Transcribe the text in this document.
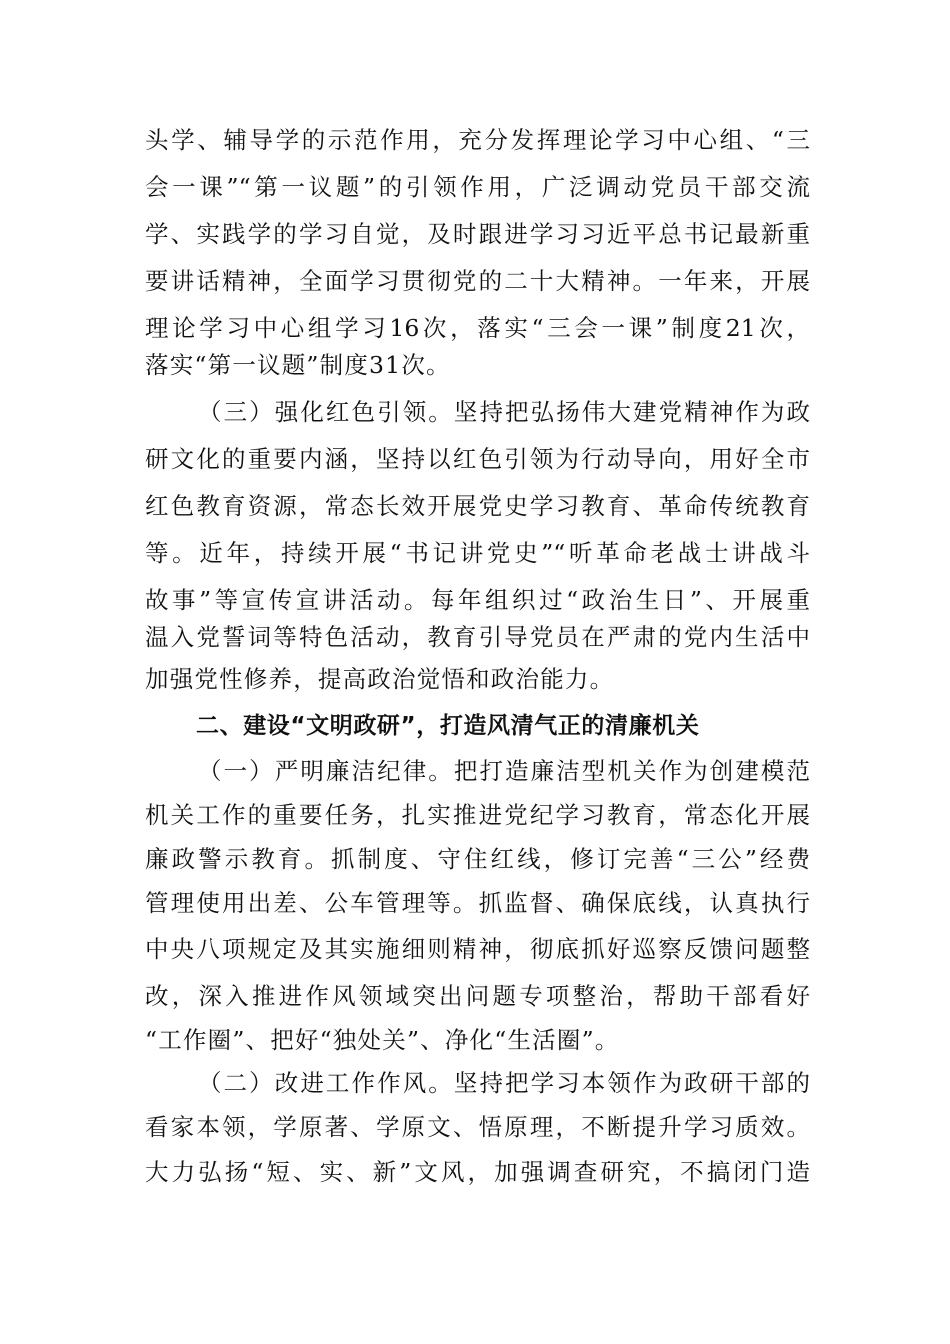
头学、辅导学的示范作用，充分发挥理论学习中心组、“三
会一课”“第一议题”的引领作用，广泛调动党员干部交流
学、实践学的学习自觉，及时跟进学习习近平总书记最新重
要讲话精神，全面学习贯彻党的二十大精神。一年来，开展
理论学习中心组学习16次，落实“三会一课”制度21次，
落实“第一议题”制度31次。
（三）强化红色引领。坚持把弘扬伟大建党精神作为政
研文化的重要内涵，坚持以红色引领为行动导向，用好全市
红色教育资源，常态长效开展党史学习教育、革命传统教育
等。近年，持续开展“书记讲党史”“听革命老战士讲战斗
故事”等宣传宣讲活动。每年组织过“政治生日”、开展重
温入党誓词等特色活动，教育引导党员在严肃的党内生活中
加强党性修养，提高政治觉悟和政治能力。
二、建设“文明政研”，打造风清气正的清廉机关
（一）严明廉洁纪律。把打造廉洁型机关作为创建模范
机关工作的重要任务，扎实推进党纪学习教育，常态化开展
廉政警示教育。抓制度、守住红线，修订完善“三公”经费
管理使用出差、公车管理等。抓监督、确保底线，认真执行
中央八项规定及其实施细则精神，彻底抓好巡察反馈问题整
改，深入推进作风领域突出问题专项整治，帮助干部看好
“工作圈”、把好“独处关”、净化“生活圈”。
（二）改进工作作风。坚持把学习本领作为政研干部的
看家本领，学原著、学原文、悟原理，不断提升学习质效。
大力弘扬“短、实、新”文风，加强调查研究，不搞闭门造
